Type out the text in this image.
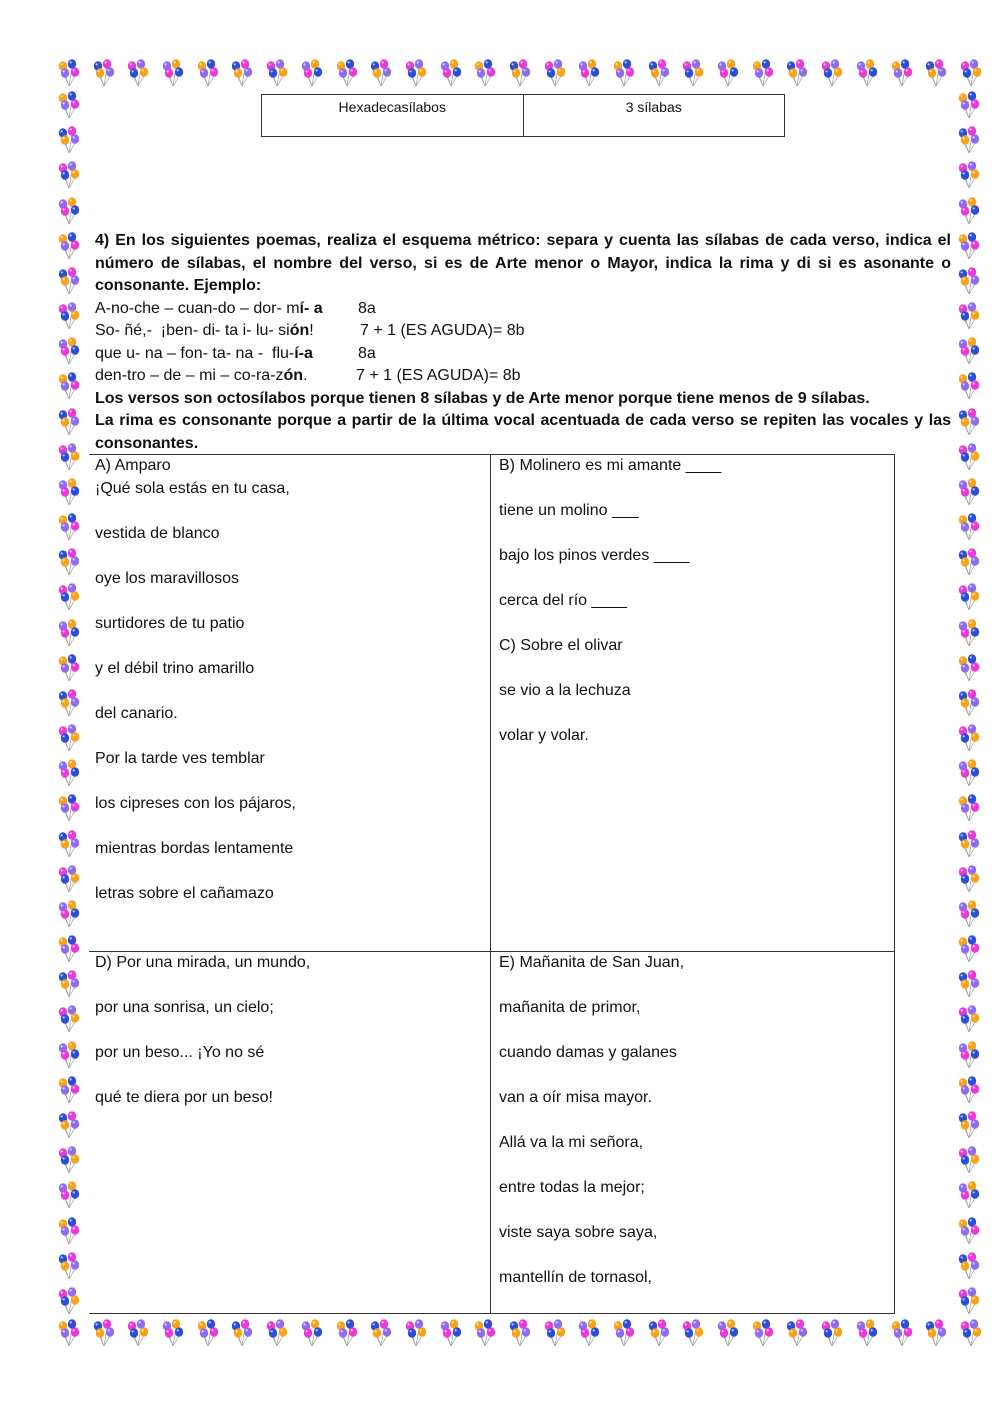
Hexadecasílabos	3 sílabas

4) En los siguientes poemas, realiza el esquema métrico: separa y cuenta las sílabas de cada verso, indica el número de sílabas, el nombre del verso, si es de Arte menor o Mayor, indica la rima y di si es asonante o consonante. Ejemplo:

A-no-che – cuan-do – dor- mí- a	8a
So- ñé,-  ¡ben- di- ta i- lu- sión!	7 + 1 (ES AGUDA)= 8b
que u- na – fon- ta- na -  flu-í-a	8a
den-tro – de – mi – co-ra-zón.	7 + 1 (ES AGUDA)= 8b

Los versos son octosílabos porque tienen 8 sílabas y de Arte menor porque tiene menos de 9 sílabas.

La rima es consonante porque a partir de la última vocal acentuada de cada verso se repiten las vocales y las consonantes.

A) Amparo
¡Qué sola estás en tu casa,
vestida de blanco
oye los maravillosos
surtidores de tu patio
y el débil trino amarillo
del canario.
Por la tarde ves temblar
los cipreses con los pájaros,
mientras bordas lentamente
letras sobre el cañamazo
B) Molinero es mi amante ____
tiene un molino ___
bajo los pinos verdes ____
cerca del río ____
C) Sobre el olivar
se vio a la lechuza
volar y volar.
D) Por una mirada, un mundo,
por una sonrisa, un cielo;
por un beso... ¡Yo no sé
qué te diera por un beso!
E) Mañanita de San Juan,
mañanita de primor,
cuando damas y galanes
van a oír misa mayor.
Allá va la mi señora,
entre todas la mejor;
viste saya sobre saya,
mantellín de tornasol,
